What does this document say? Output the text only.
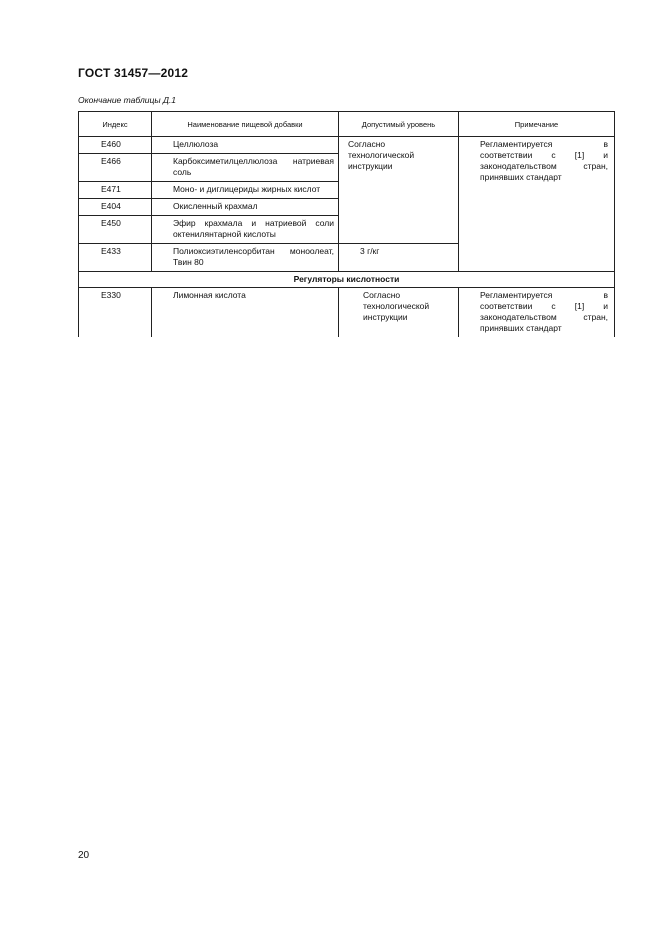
ГОСТ 31457—2012
Окончание таблицы Д.1
Индекс	Наименование пищевой добавки	Допустимый уровень	Примечание
E460	Целлюлоза	Согласно технологической инструкции	Регламентируется в соответствии с [1] и законодательством стран, принявших стандарт

E466	Карбоксиметилцеллюлоза натриевая соль		

E471	Моно- и диглицериды жирных кислот		

E404	Окисленный крахмал		
E450	Эфир крахмала и натриевой соли октенилянтарной кислоты		

E433	Полиоксиэтиленсорбитан моноолеат, Твин 80	3 г/кг	
Регуляторы кислотности			
E330	Лимонная кислота	Согласно технологической инструкции	Регламентируется в соответствии с [1] и законодательством стран, принявших стандарт
20
